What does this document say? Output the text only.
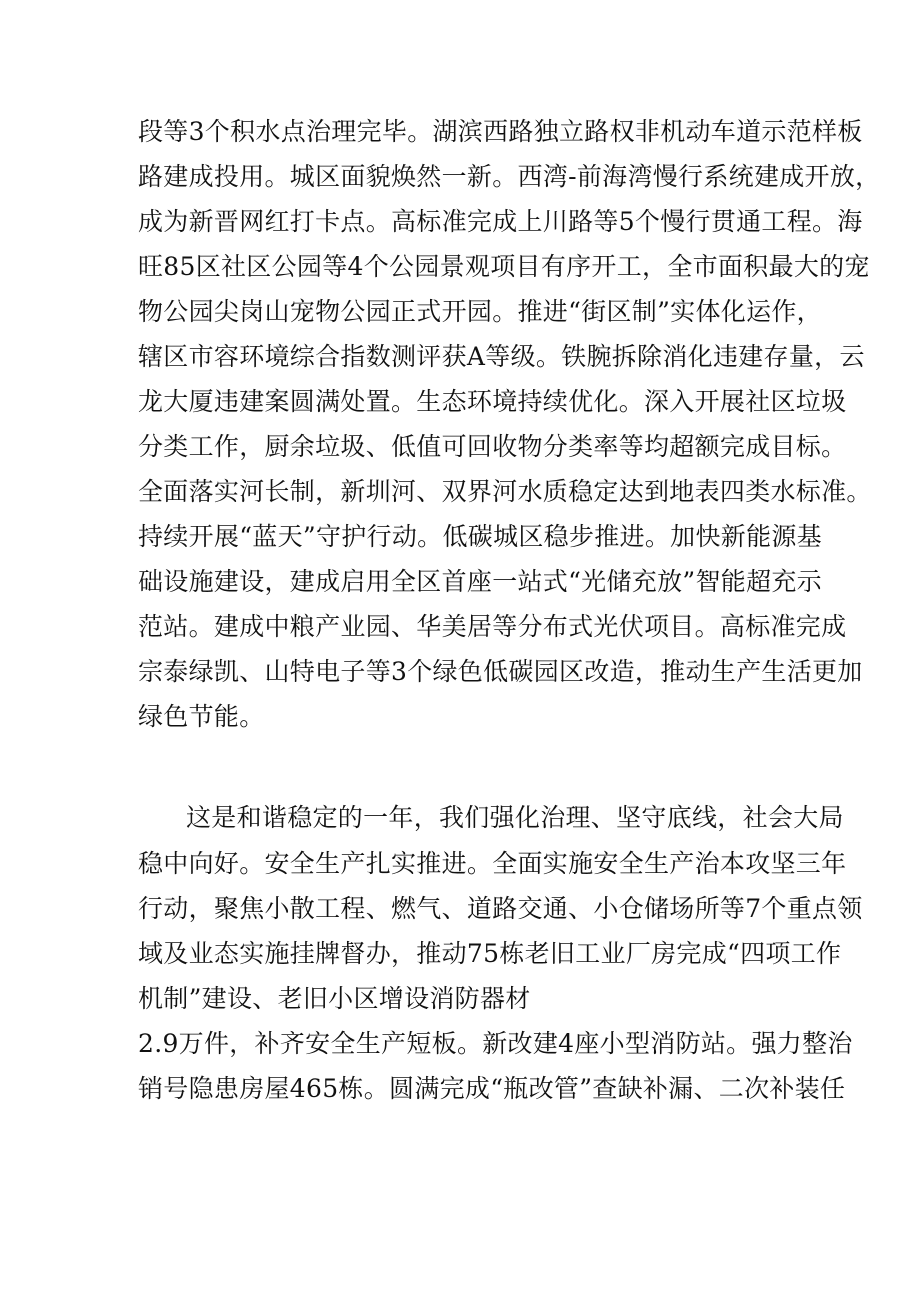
段等3个积水点治理完毕。湖滨西路独立路权非机动车道示范样板
路建成投用。城区面貌焕然一新。西湾-前海湾慢行系统建成开放，
成为新晋网红打卡点。高标准完成上川路等5个慢行贯通工程。海
旺85区社区公园等4个公园景观项目有序开工，全市面积最大的宠
物公园尖岗山宠物公园正式开园。推进“街区制”实体化运作，
辖区市容环境综合指数测评获A等级。铁腕拆除消化违建存量，云
龙大厦违建案圆满处置。生态环境持续优化。深入开展社区垃圾
分类工作，厨余垃圾、低值可回收物分类率等均超额完成目标。
全面落实河长制，新圳河、双界河水质稳定达到地表四类水标准。
持续开展“蓝天”守护行动。低碳城区稳步推进。加快新能源基
础设施建设，建成启用全区首座一站式“光储充放”智能超充示
范站。建成中粮产业园、华美居等分布式光伏项目。高标准完成
宗泰绿凯、山特电子等3个绿色低碳园区改造，推动生产生活更加
绿色节能。
这是和谐稳定的一年，我们强化治理、坚守底线，社会大局
稳中向好。安全生产扎实推进。全面实施安全生产治本攻坚三年
行动，聚焦小散工程、燃气、道路交通、小仓储场所等7个重点领
域及业态实施挂牌督办，推动75栋老旧工业厂房完成“四项工作
机制”建设、老旧小区增设消防器材
2.9万件，补齐安全生产短板。新改建4座小型消防站。强力整治
销号隐患房屋465栋。圆满完成“瓶改管”查缺补漏、二次补装任
